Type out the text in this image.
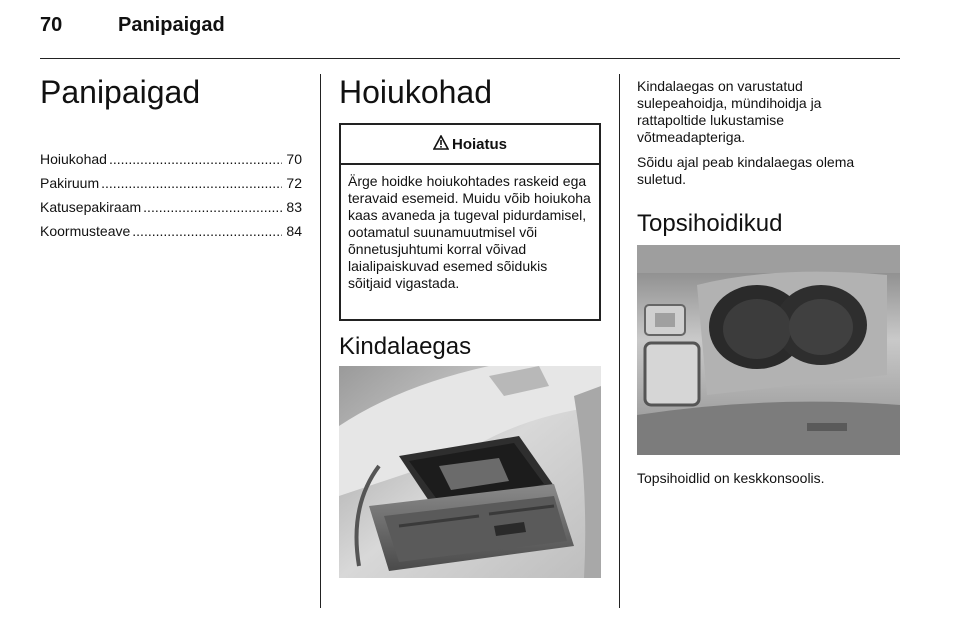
70	Panipaigad
Panipaigad
Hoiukohad .....	70
Pakiruum .....	72
Katusepakiraam .....	83
Koormusteave .....	84
Hoiukohad
Hoiatus
Ärge hoidke hoiukohtades raskeid ega teravaid esemeid. Muidu võib hoiukoha kaas avaneda ja tugeval pidurdamisel, ootamatul suunamuutmisel või õnnetusjuhtumi korral võivad laialipaiskuvad esemed sõidukis sõitjaid vigastada.
Kindalaegas
Kindalaegas on varustatud sulepeahoidja, mündihoidja ja rattapoltide lukustamise võtmeadapteriga.
Sõidu ajal peab kindalaegas olema suletud.
Topsihoidikud
Topsihoidlid on keskkonsoolis.
